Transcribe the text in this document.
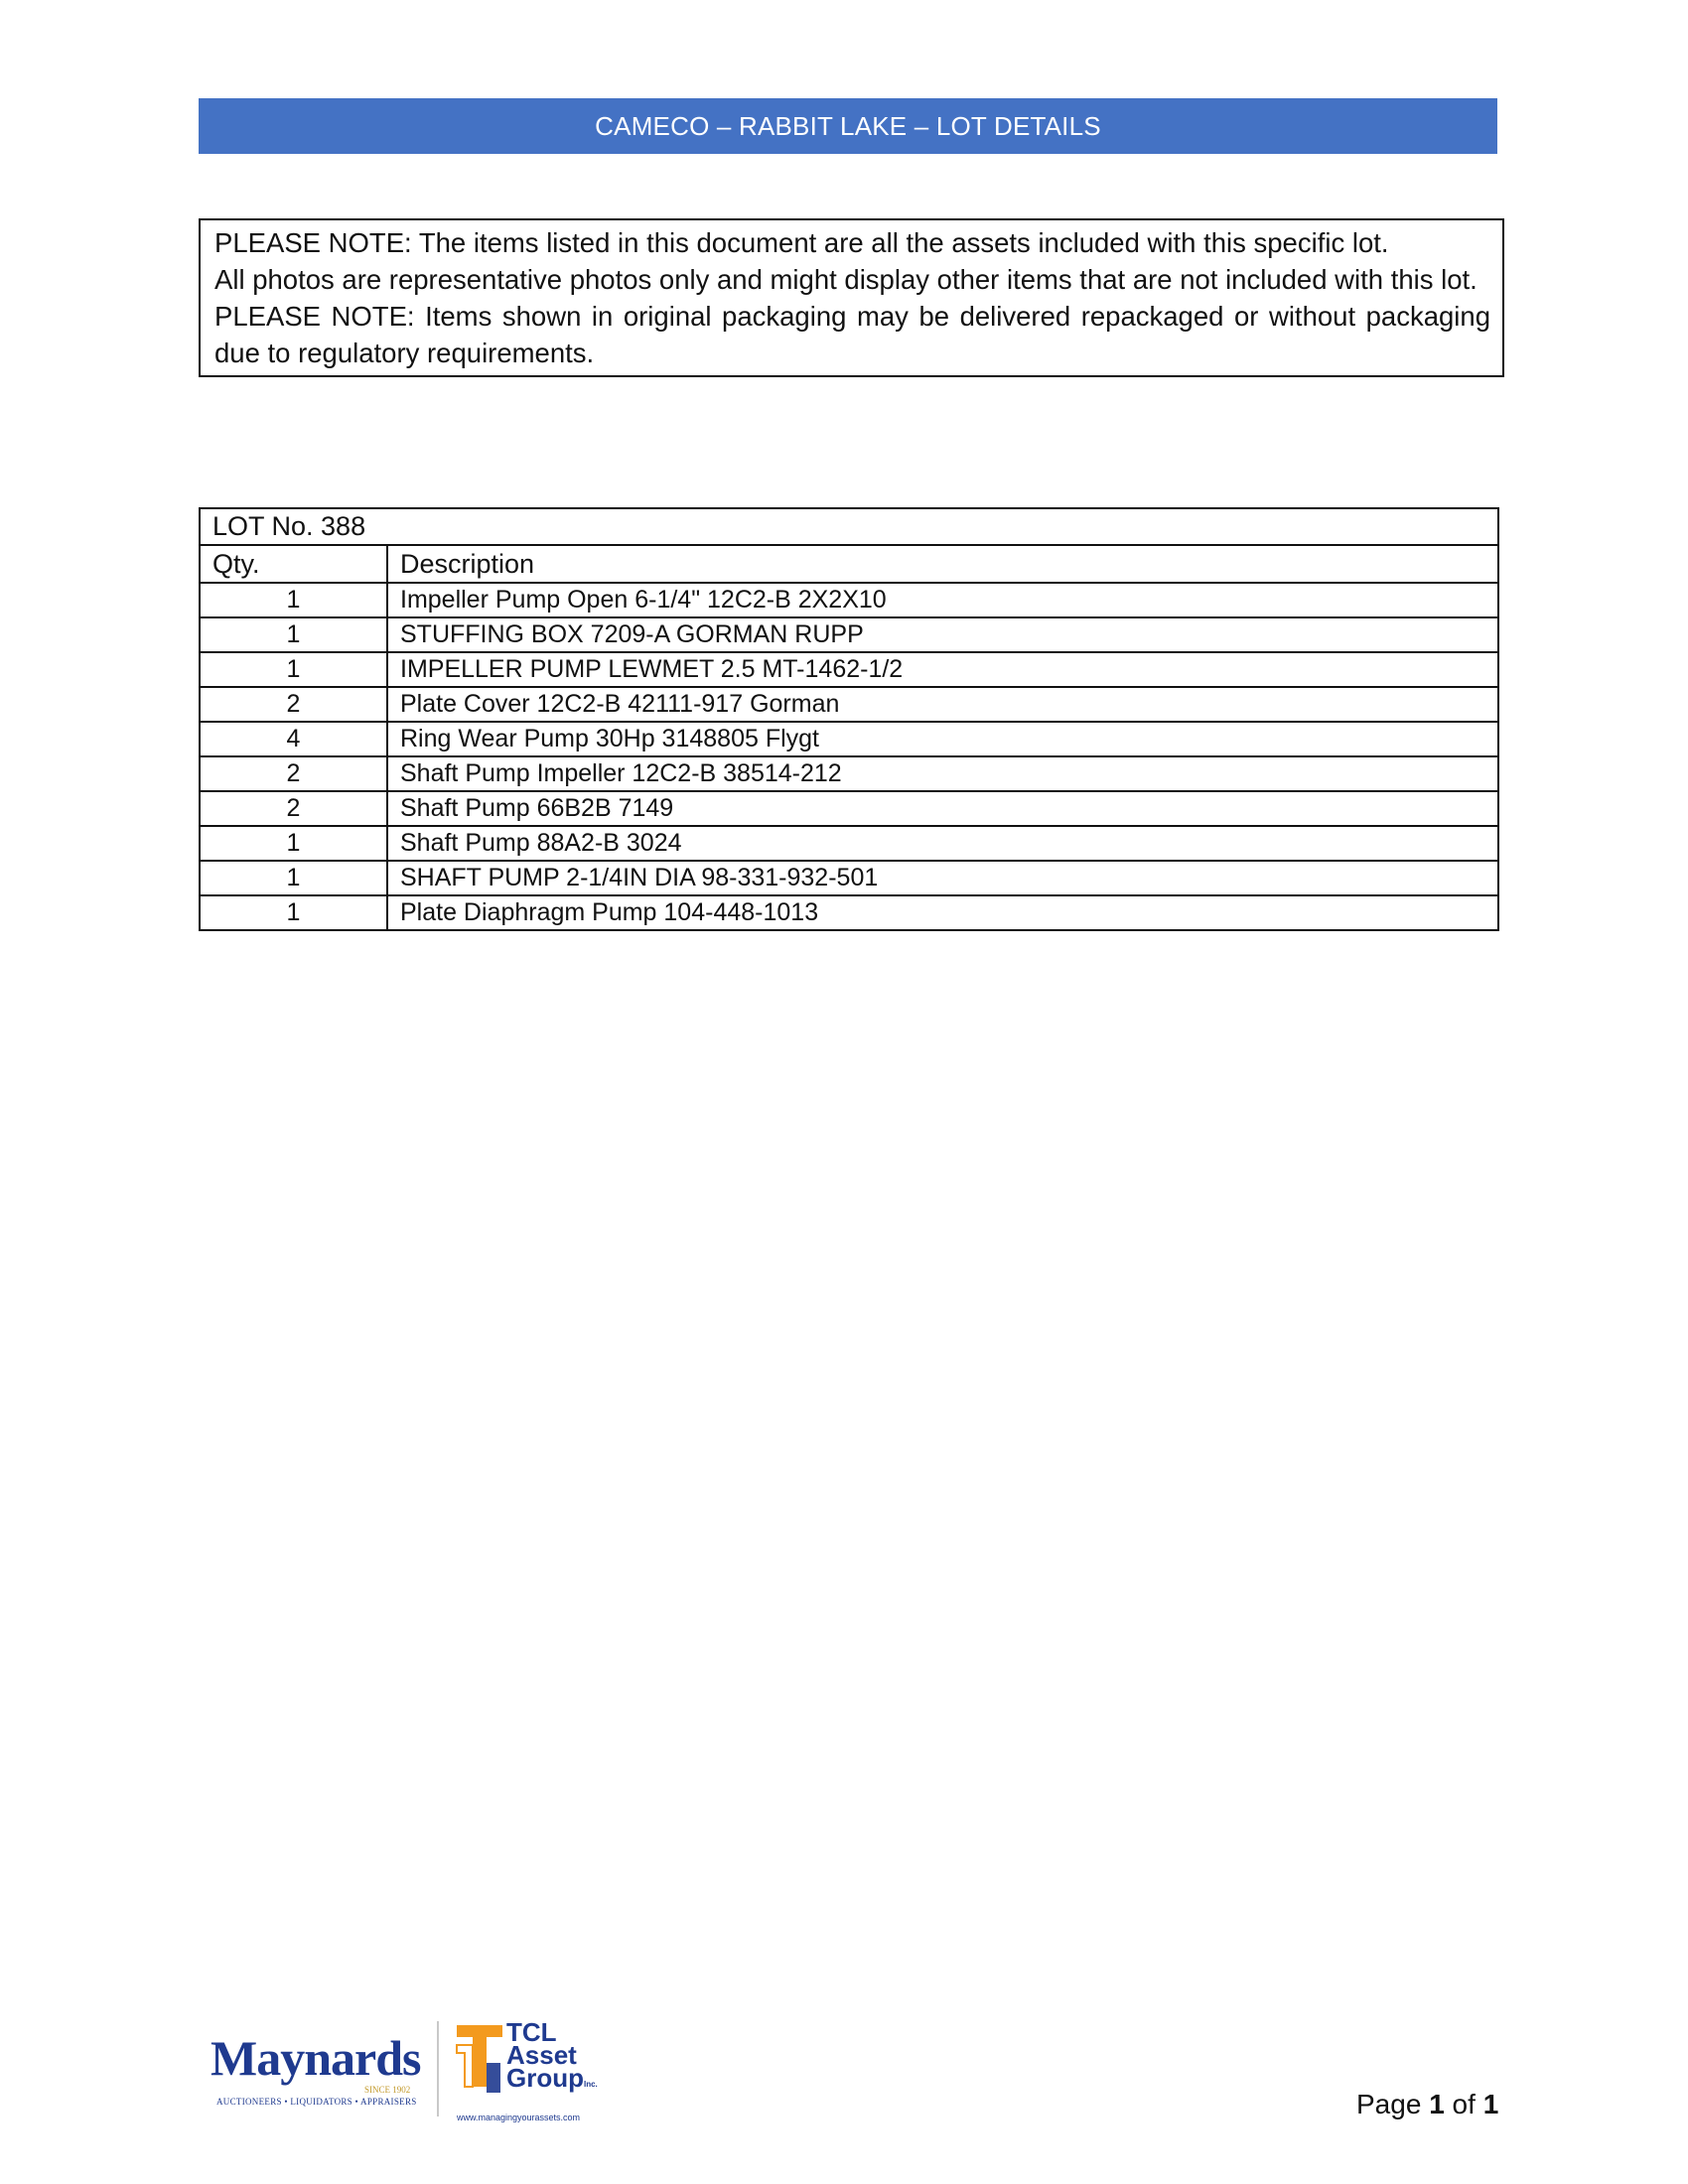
CAMECO – RABBIT LAKE – LOT DETAILS

PLEASE NOTE: The items listed in this document are all the assets included with this specific lot.

All photos are representative photos only and might display other items that are not included with this lot.

PLEASE NOTE: Items shown in original packaging may be delivered repackaged or without packaging due to regulatory requirements.

LOT No. 388	
Qty.	Description
1	Impeller Pump Open 6-1/4" 12C2-B 2X2X10
1	STUFFING BOX 7209-A GORMAN RUPP
1	IMPELLER PUMP LEWMET 2.5 MT-1462-1/2
2	Plate Cover 12C2-B 42111-917 Gorman
4	Ring Wear Pump 30Hp 3148805 Flygt
2	Shaft Pump Impeller 12C2-B 38514-212
2	Shaft Pump 66B2B 7149
1	Shaft Pump 88A2-B 3024
1	SHAFT PUMP 2-1/4IN DIA 98-331-932-501
1	Plate Diaphragm Pump 104-448-1013
Maynards
SINCE 1902
AUCTIONEERS • LIQUIDATORS • APPRAISERS
TCL
Asset
GroupInc.
www.managingyourassets.com	Page 1 of 1
